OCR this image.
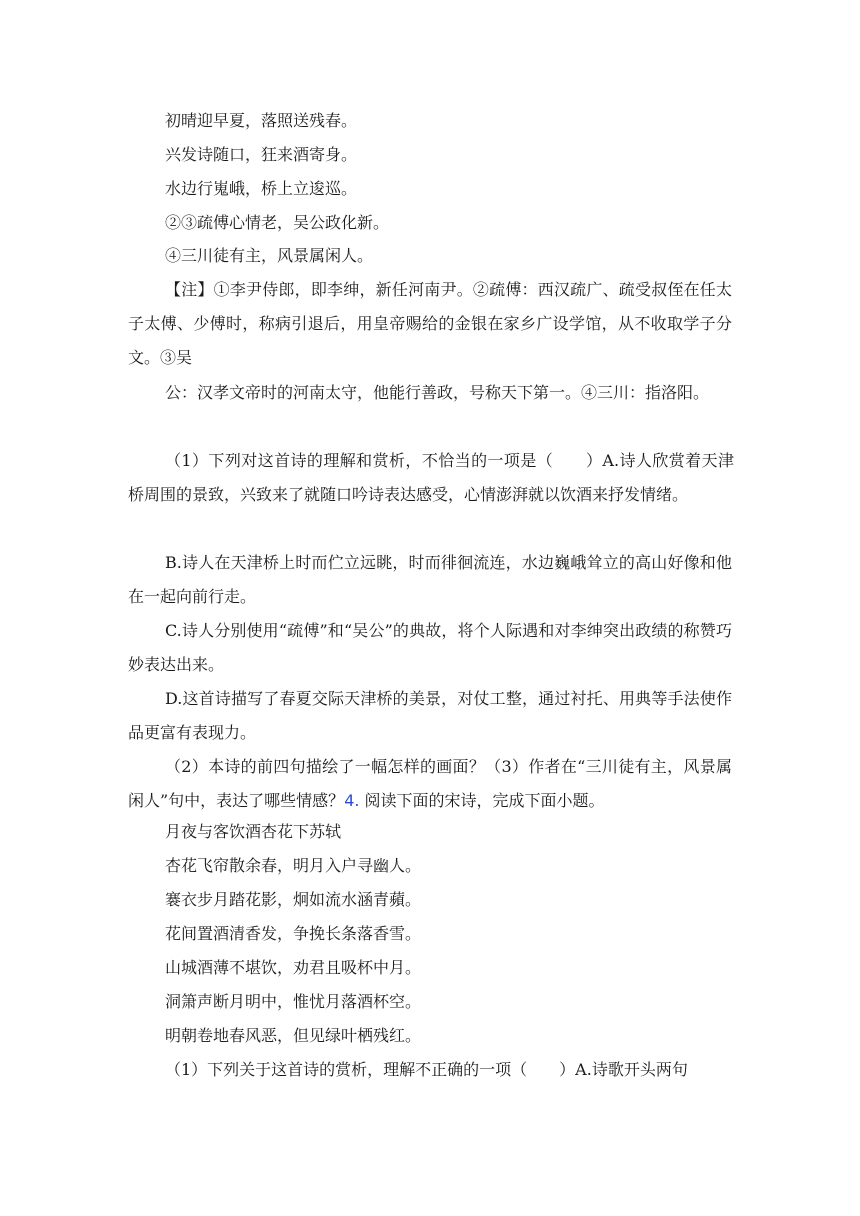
初晴迎早夏，落照送残春。
兴发诗随口，狂来酒寄身。
水边行嵬峨，桥上立逡巡。
②③疏傅心情老，吴公政化新。
④三川徒有主，风景属闲人。
【注】①李尹侍郎，即李绅，新任河南尹。②疏傅：西汉疏广、疏受叔侄在任太子太傅、少傅时，称病引退后，用皇帝赐给的金银在家乡广设学馆，从不收取学子分文。③吴
公：汉孝文帝时的河南太守，他能行善政，号称天下第一。④三川：指洛阳。
（1）下列对这首诗的理解和赏析，不恰当的一项是（　　）A.诗人欣赏着天津桥周围的景致，兴致来了就随口吟诗表达感受，心情澎湃就以饮酒来抒发情绪。
B.诗人在天津桥上时而伫立远眺，时而徘徊流连，水边巍峨耸立的高山好像和他在一起向前行走。
C.诗人分别使用“疏傅”和“吴公”的典故，将个人际遇和对李绅突出政绩的称赞巧妙表达出来。
D.这首诗描写了春夏交际天津桥的美景，对仗工整，通过衬托、用典等手法使作品更富有表现力。
（2）本诗的前四句描绘了一幅怎样的画面？（3）作者在“三川徒有主，风景属闲人”句中，表达了哪些情感？4. 阅读下面的宋诗，完成下面小题。
月夜与客饮酒杏花下苏轼
杏花飞帘散余春，明月入户寻幽人。
褰衣步月踏花影，炯如流水涵青蘋。
花间置酒清香发，争挽长条落香雪。
山城酒薄不堪饮，劝君且吸杯中月。
洞箫声断月明中，惟忧月落酒杯空。
明朝卷地春风恶，但见绿叶栖残红。
（1）下列关于这首诗的赏析，理解不正确的一项（　　）A.诗歌开头两句
